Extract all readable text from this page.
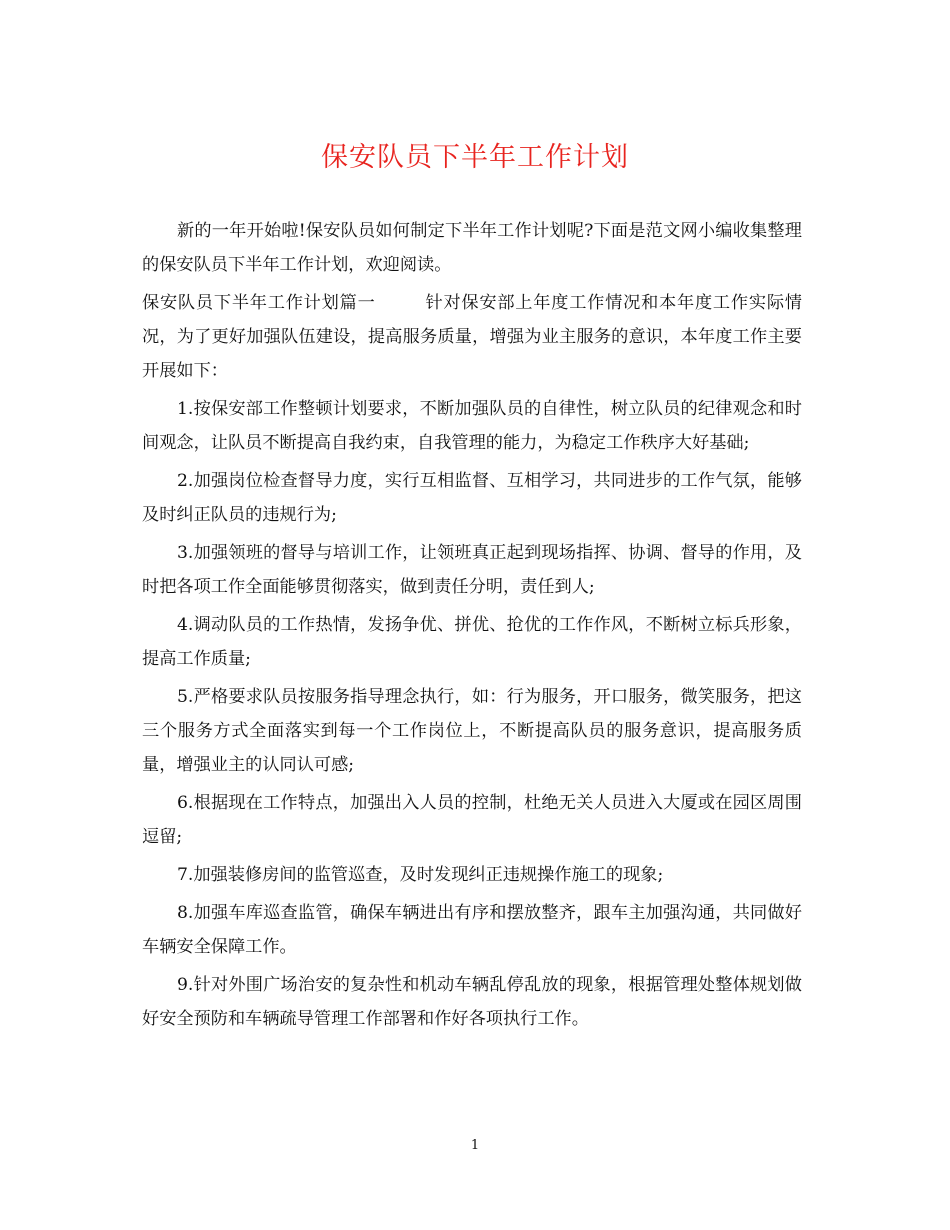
保安队员下半年工作计划

新的一年开始啦!保安队员如何制定下半年工作计划呢?下面是范文网小编收集整理的保安队员下半年工作计划，欢迎阅读。

保安队员下半年工作计划篇一	针对保安部上年度工作情况和本年度工作实际情况，为了更好加强队伍建设，提高服务质量，增强为业主服务的意识，本年度工作主要开展如下：

1.按保安部工作整顿计划要求，不断加强队员的自律性，树立队员的纪律观念和时间观念，让队员不断提高自我约束，自我管理的能力，为稳定工作秩序大好基础;

2.加强岗位检查督导力度，实行互相监督、互相学习，共同进步的工作气氛，能够及时纠正队员的违规行为;

3.加强领班的督导与培训工作，让领班真正起到现场指挥、协调、督导的作用，及时把各项工作全面能够贯彻落实，做到责任分明，责任到人;

4.调动队员的工作热情，发扬争优、拼优、抢优的工作作风，不断树立标兵形象，提高工作质量;

5.严格要求队员按服务指导理念执行，如：行为服务，开口服务，微笑服务，把这三个服务方式全面落实到每一个工作岗位上，不断提高队员的服务意识，提高服务质量，增强业主的认同认可感;

6.根据现在工作特点，加强出入人员的控制，杜绝无关人员进入大厦或在园区周围逗留;

7.加强装修房间的监管巡查，及时发现纠正违规操作施工的现象;

8.加强车库巡查监管，确保车辆进出有序和摆放整齐，跟车主加强沟通，共同做好车辆安全保障工作。

9.针对外围广场治安的复杂性和机动车辆乱停乱放的现象，根据管理处整体规划做好安全预防和车辆疏导管理工作部署和作好各项执行工作。

1
